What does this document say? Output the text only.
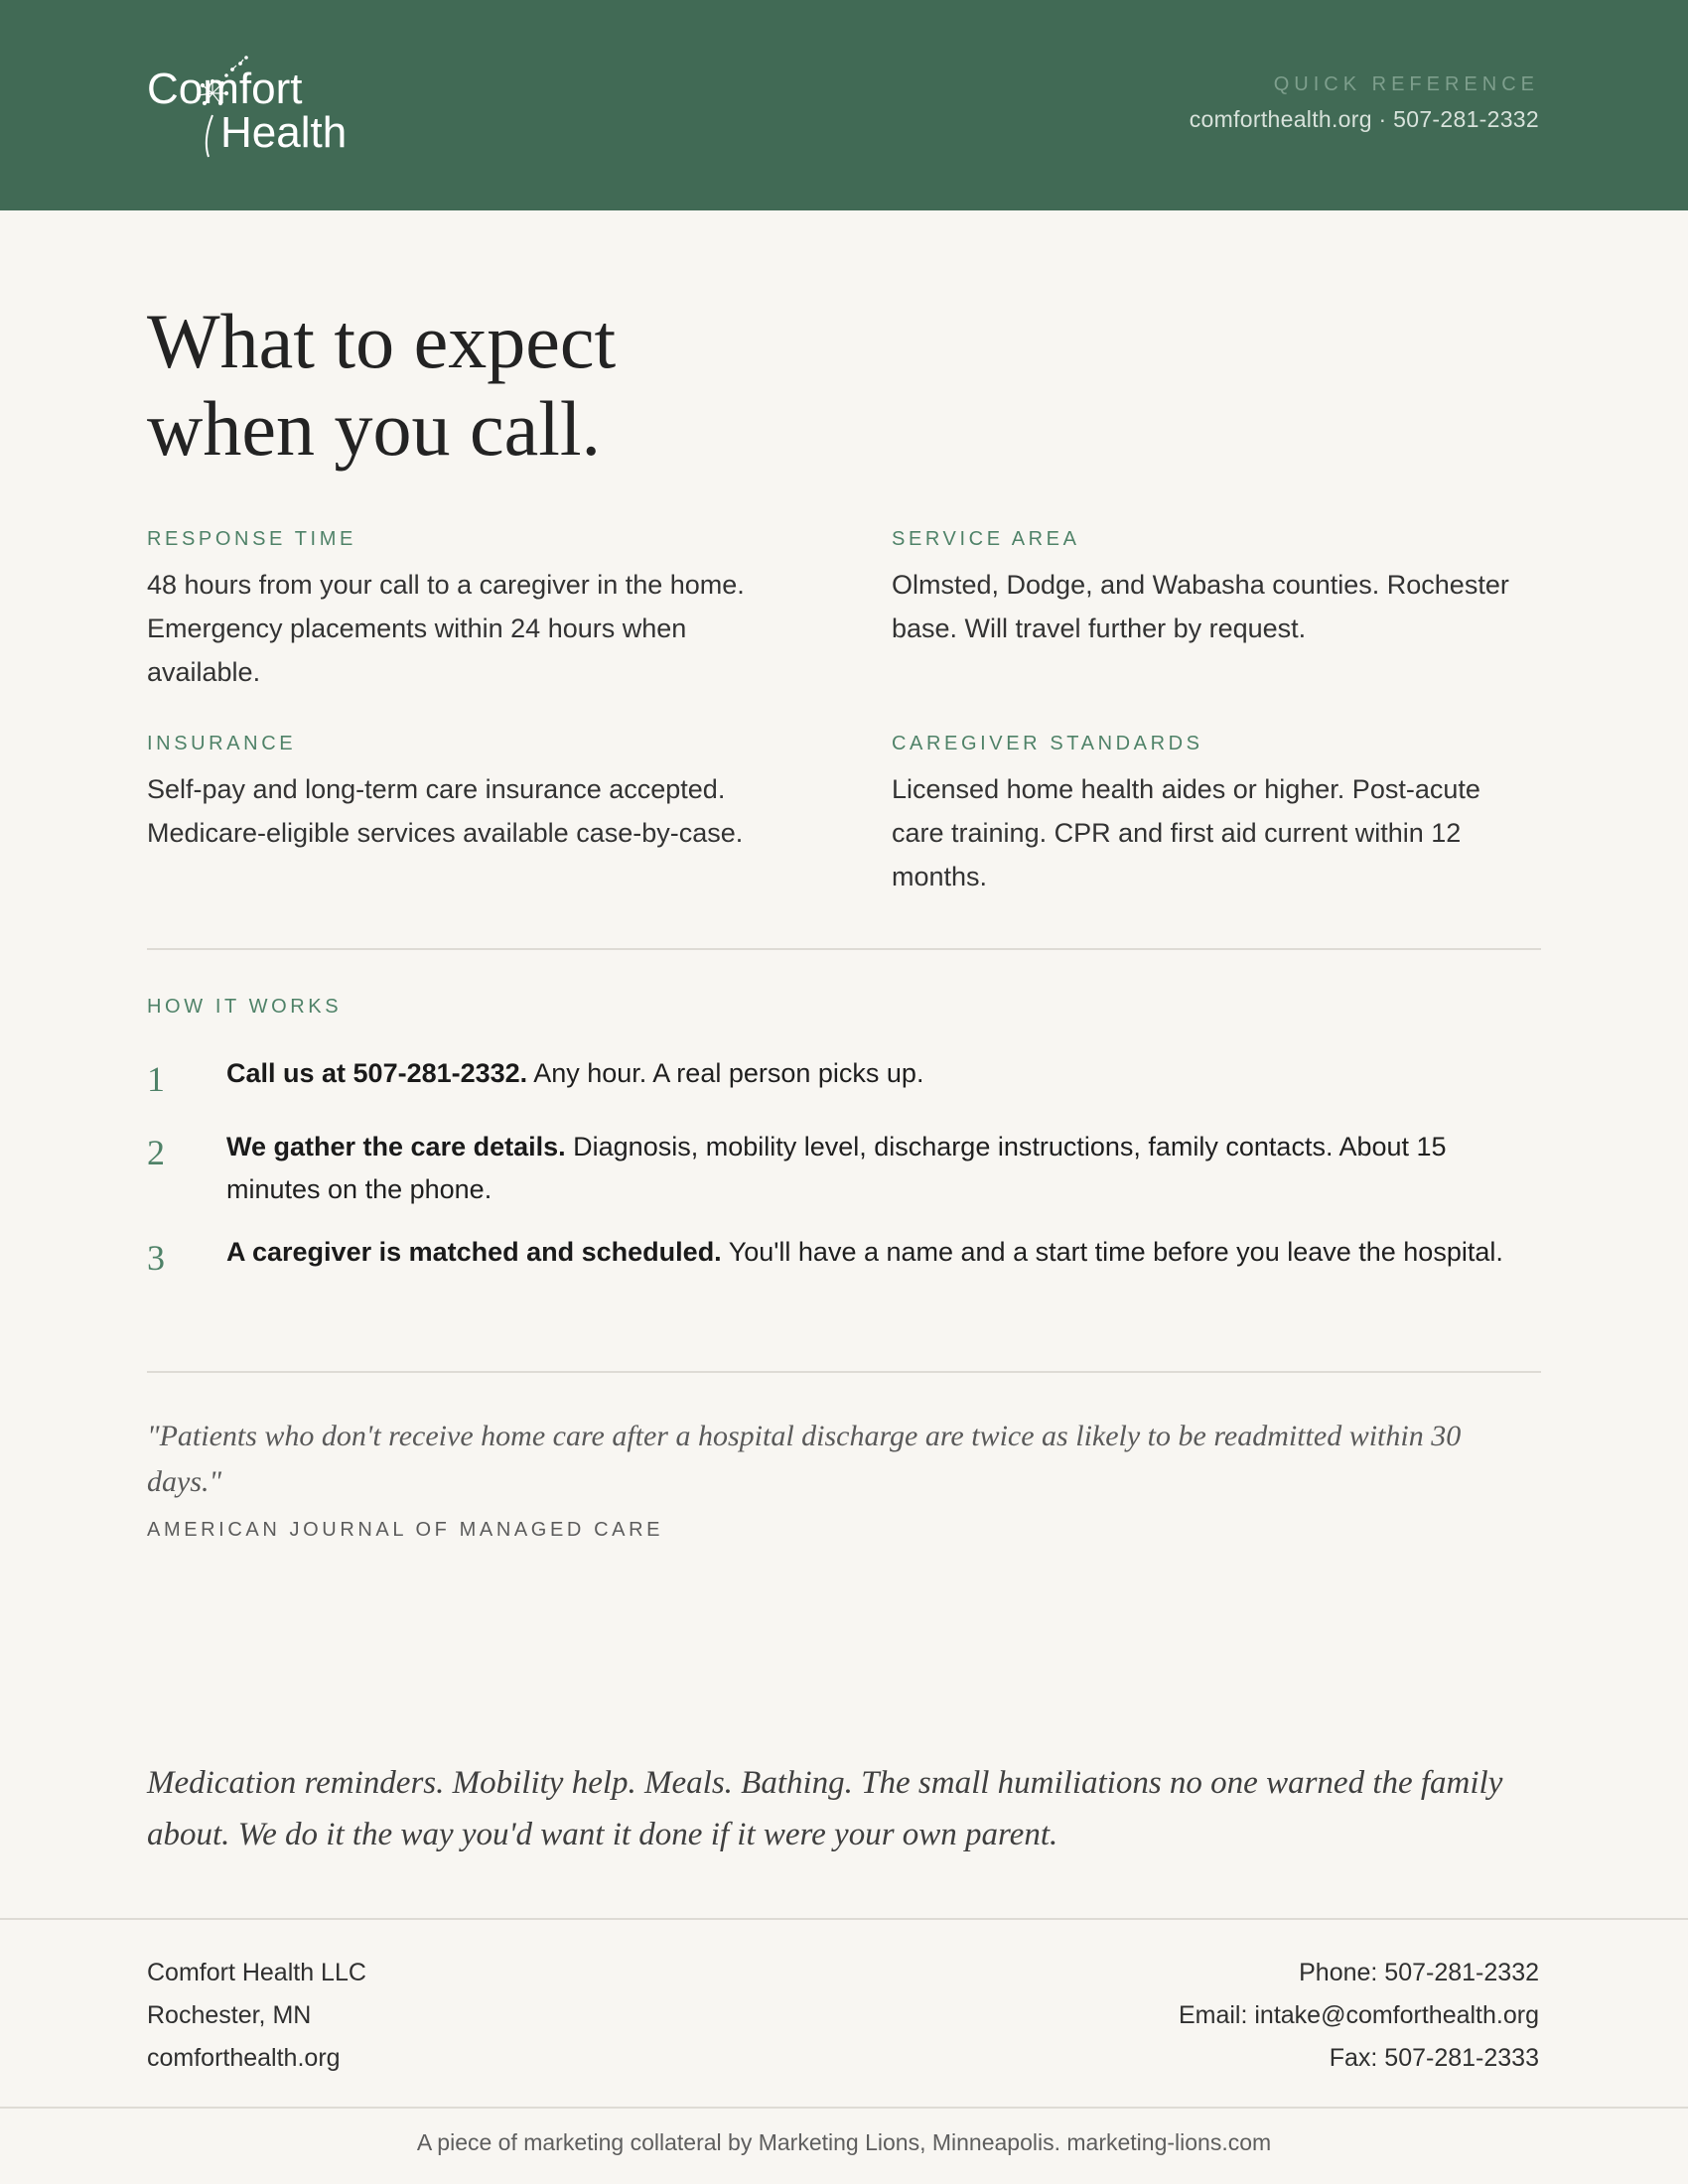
Comfort
Health
QUICK REFERENCE
comforthealth.org · 507-281-2332
What to expect
when you call.
RESPONSE TIME
48 hours from your call to a caregiver in the home. Emergency placements within 24 hours when available.
SERVICE AREA
Olmsted, Dodge, and Wabasha counties. Rochester base. Will travel further by request.
INSURANCE
Self-pay and long-term care insurance accepted. Medicare-eligible services available case-by-case.
CAREGIVER STANDARDS
Licensed home health aides or higher. Post-acute care training. CPR and first aid current within 12 months.
HOW IT WORKS
1 Call us at 507-281-2332. Any hour. A real person picks up.
2 We gather the care details. Diagnosis, mobility level, discharge instructions, family contacts. About 15 minutes on the phone.
3 A caregiver is matched and scheduled. You'll have a name and a start time before you leave the hospital.
"Patients who don't receive home care after a hospital discharge are twice as likely to be readmitted within 30 days."
AMERICAN JOURNAL OF MANAGED CARE
Medication reminders. Mobility help. Meals. Bathing. The small humiliations no one warned the family about. We do it the way you'd want it done if it were your own parent.
Comfort Health LLC
Rochester, MN
comforthealth.org
Phone: 507-281-2332
Email: intake@comforthealth.org
Fax: 507-281-2333
A piece of marketing collateral by Marketing Lions, Minneapolis. marketing-lions.com
